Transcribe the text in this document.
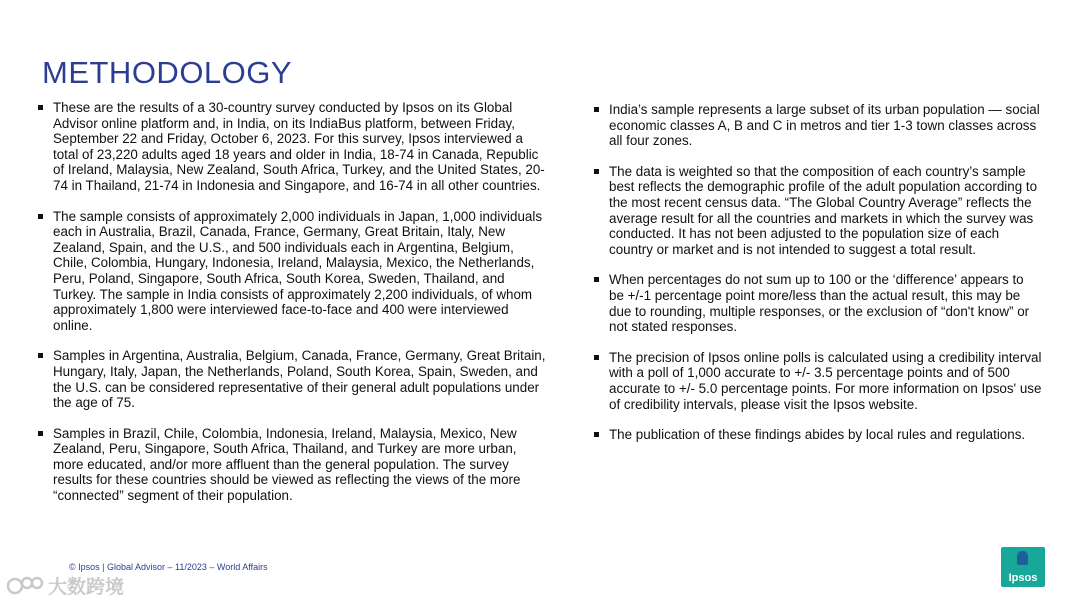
METHODOLOGY
These are the results of a 30-country survey conducted by Ipsos on its Global Advisor online platform and, in India, on its IndiaBus platform, between Friday, September 22 and Friday, October 6, 2023. For this survey, Ipsos interviewed a total of 23,220 adults aged 18 years and older in India, 18-74 in Canada, Republic of Ireland, Malaysia, New Zealand, South Africa, Turkey, and the United States, 20-74 in Thailand, 21-74 in Indonesia and Singapore, and 16-74 in all other countries.
The sample consists of approximately 2,000 individuals in Japan, 1,000 individuals each in Australia, Brazil, Canada, France, Germany, Great Britain, Italy, New Zealand, Spain, and the U.S., and 500 individuals each in Argentina, Belgium, Chile, Colombia, Hungary, Indonesia, Ireland, Malaysia, Mexico, the Netherlands, Peru, Poland, Singapore, South Africa, South Korea, Sweden, Thailand, and Turkey. The sample in India consists of approximately 2,200 individuals, of whom approximately 1,800 were interviewed face-to-face and 400 were interviewed online.
Samples in Argentina, Australia, Belgium, Canada, France, Germany, Great Britain, Hungary, Italy, Japan, the Netherlands, Poland, South Korea, Spain, Sweden, and the U.S. can be considered representative of their general adult populations under the age of 75.
Samples in Brazil, Chile, Colombia, Indonesia, Ireland, Malaysia, Mexico, New Zealand, Peru, Singapore, South Africa, Thailand, and Turkey are more urban, more educated, and/or more affluent than the general population. The survey results for these countries should be viewed as reflecting the views of the more “connected” segment of their population.
India’s sample represents a large subset of its urban population — social economic classes A, B and C in metros and tier 1-3 town classes across all four zones.
The data is weighted so that the composition of each country’s sample best reflects the demographic profile of the adult population according to the most recent census data. “The Global Country Average” reflects the average result for all the countries and markets in which the survey was conducted. It has not been adjusted to the population size of each country or market and is not intended to suggest a total result.
When percentages do not sum up to 100 or the ‘difference’ appears to be +/-1 percentage point more/less than the actual result, this may be due to rounding, multiple responses, or the exclusion of “don't know” or not stated responses.
The precision of Ipsos online polls is calculated using a credibility interval with a poll of 1,000 accurate to +/- 3.5 percentage points and of 500 accurate to +/- 5.0 percentage points. For more information on Ipsos' use of credibility intervals, please visit the Ipsos website.
The publication of these findings abides by local rules and regulations.
© Ipsos | Global Advisor – 11/2023 – World Affairs
大数跨境	Ipsos
